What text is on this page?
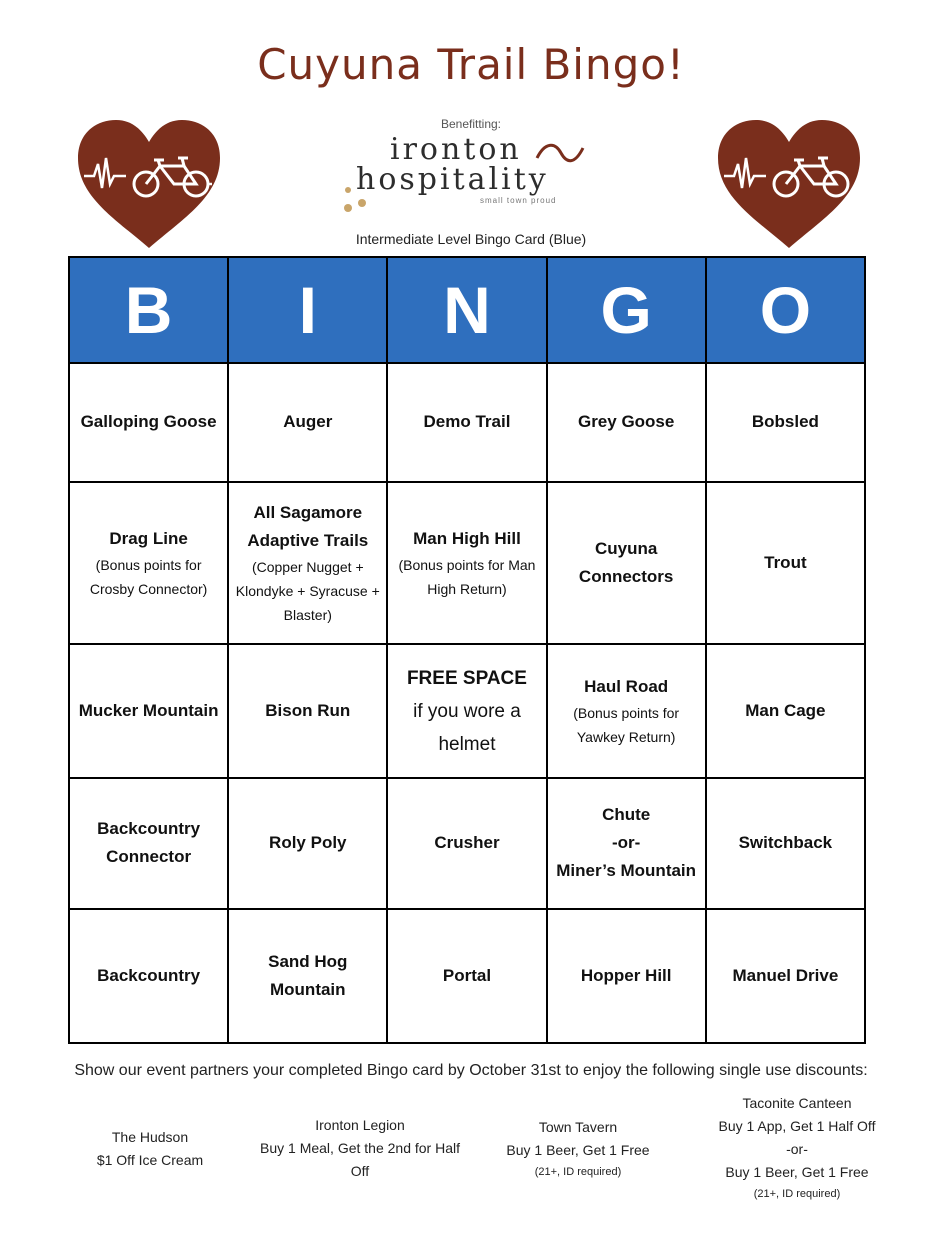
Cuyuna Trail Bingo!
Benefitting:
ironton
hospitality
small town proud
Intermediate Level Bingo Card (Blue)
B	I	N	G	O

Galloping Goose	Auger	Demo Trail	Grey Goose	Bobsled

Drag Line
(Bonus points for Crosby Connector)	All Sagamore Adaptive Trails
(Copper Nugget + Klondyke + Syracuse + Blaster)	Man High Hill
(Bonus points for Man High Return)	Cuyuna Connectors	Trout

Mucker Mountain	Bison Run	FREE SPACE
if you wore a helmet	Haul Road
(Bonus points for Yawkey Return)	Man Cage

Backcountry Connector	Roly Poly	Crusher	Chute
-or-
Miner’s Mountain	Switchback

Backcountry	Sand Hog Mountain	Portal	Hopper Hill	Manuel Drive
Show our event partners your completed Bingo card by October 31st to enjoy the following single use discounts:
The Hudson
$1 Off Ice Cream
Ironton Legion
Buy 1 Meal, Get the 2nd for Half Off
Town Tavern
Buy 1 Beer, Get 1 Free
(21+, ID required)
Taconite Canteen
Buy 1 App, Get 1 Half Off
-or-
Buy 1 Beer, Get 1 Free
(21+, ID required)
